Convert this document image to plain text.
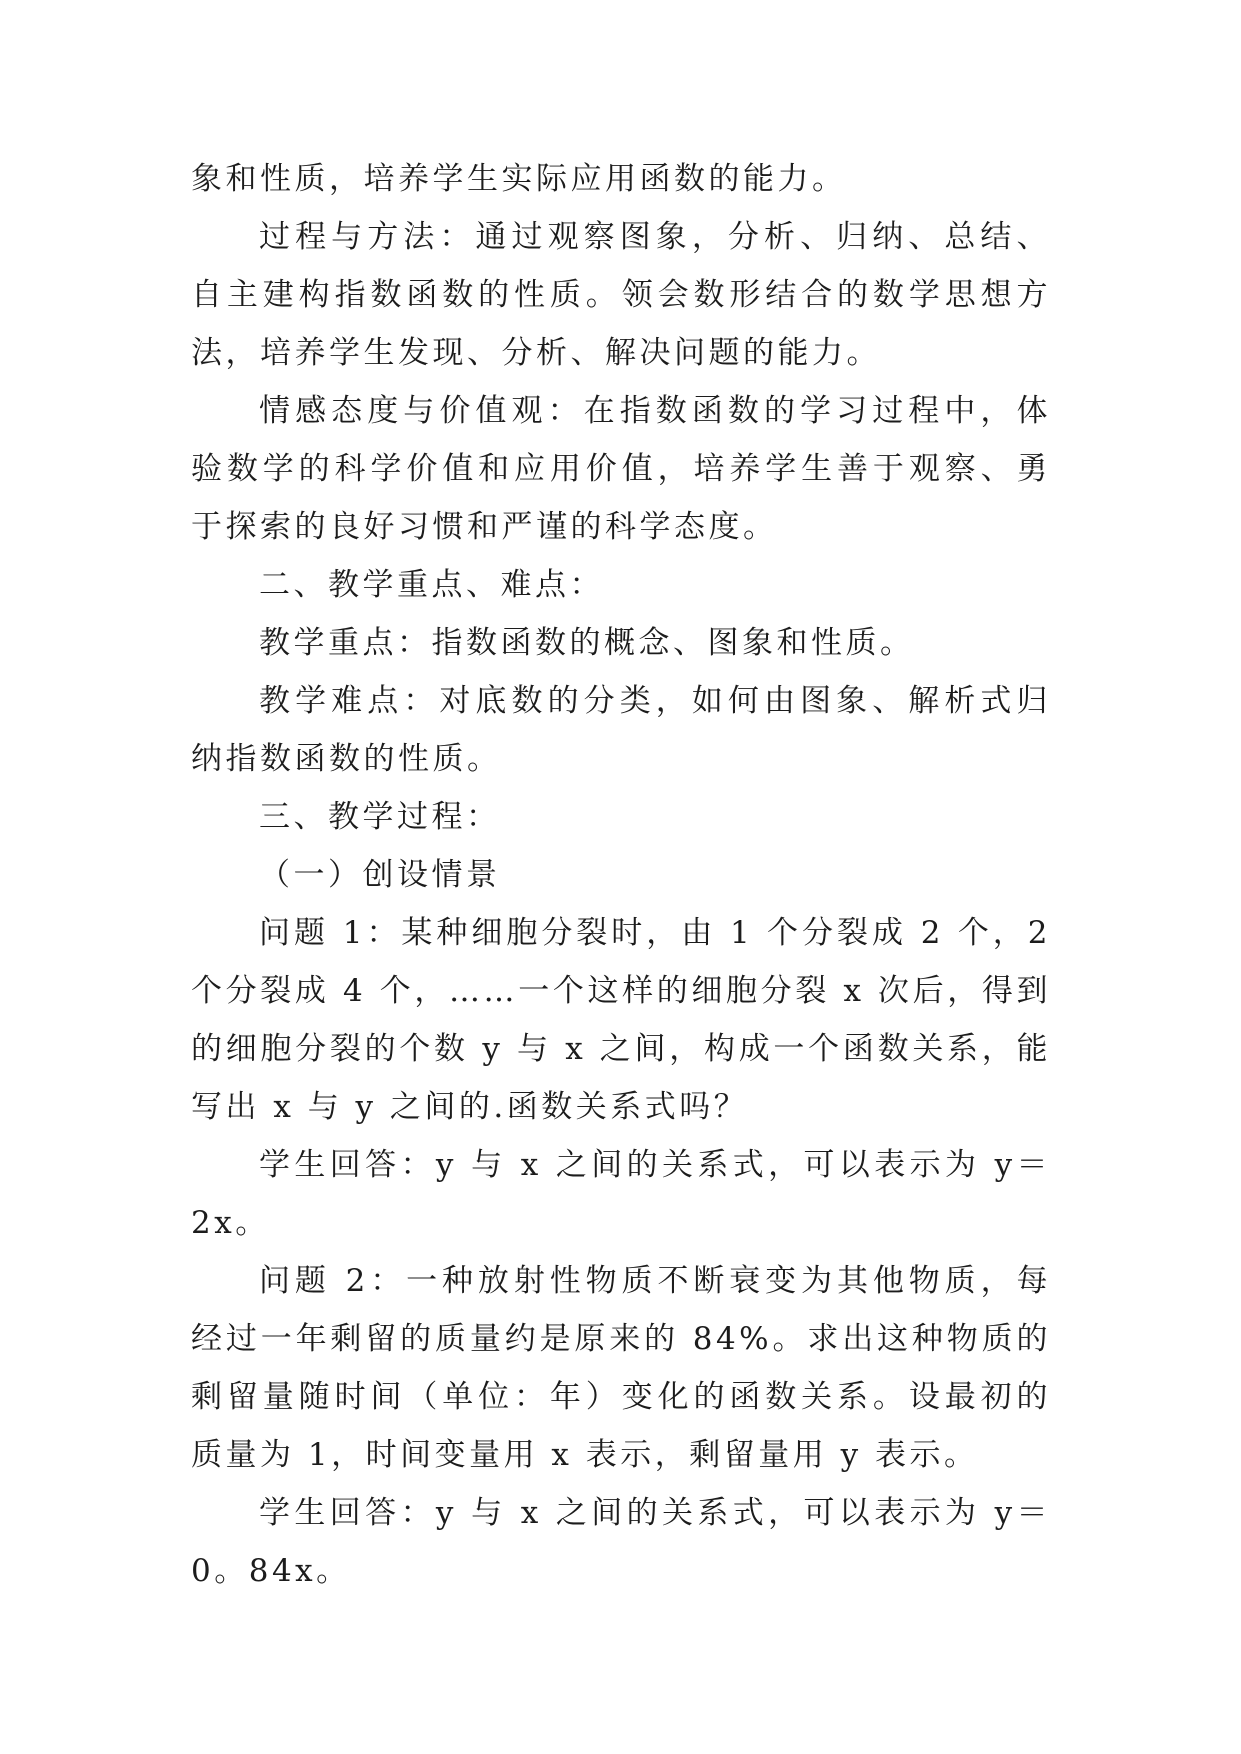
象和性质，培养学生实际应用函数的能力。

过程与方法：通过观察图象，分析、归纳、总结、自主建构指数函数的性质。领会数形结合的数学思想方法，培养学生发现、分析、解决问题的能力。

情感态度与价值观：在指数函数的学习过程中，体验数学的科学价值和应用价值，培养学生善于观察、勇于探索的良好习惯和严谨的科学态度。

二、教学重点、难点：

教学重点：指数函数的概念、图象和性质。

教学难点：对底数的分类，如何由图象、解析式归纳指数函数的性质。

三、教学过程：

（一）创设情景

问题 1：某种细胞分裂时，由 1 个分裂成 2 个，2 个分裂成 4 个，……一个这样的细胞分裂 x 次后，得到的细胞分裂的个数 y 与 x 之间，构成一个函数关系，能写出 x 与 y 之间的.函数关系式吗？

学生回答：y 与 x 之间的关系式，可以表示为 y＝2x。

问题 2：一种放射性物质不断衰变为其他物质，每经过一年剩留的质量约是原来的 84%。求出这种物质的剩留量随时间（单位：年）变化的函数关系。设最初的质量为 1，时间变量用 x 表示，剩留量用 y 表示。

学生回答：y 与 x 之间的关系式，可以表示为 y＝0。84x。
